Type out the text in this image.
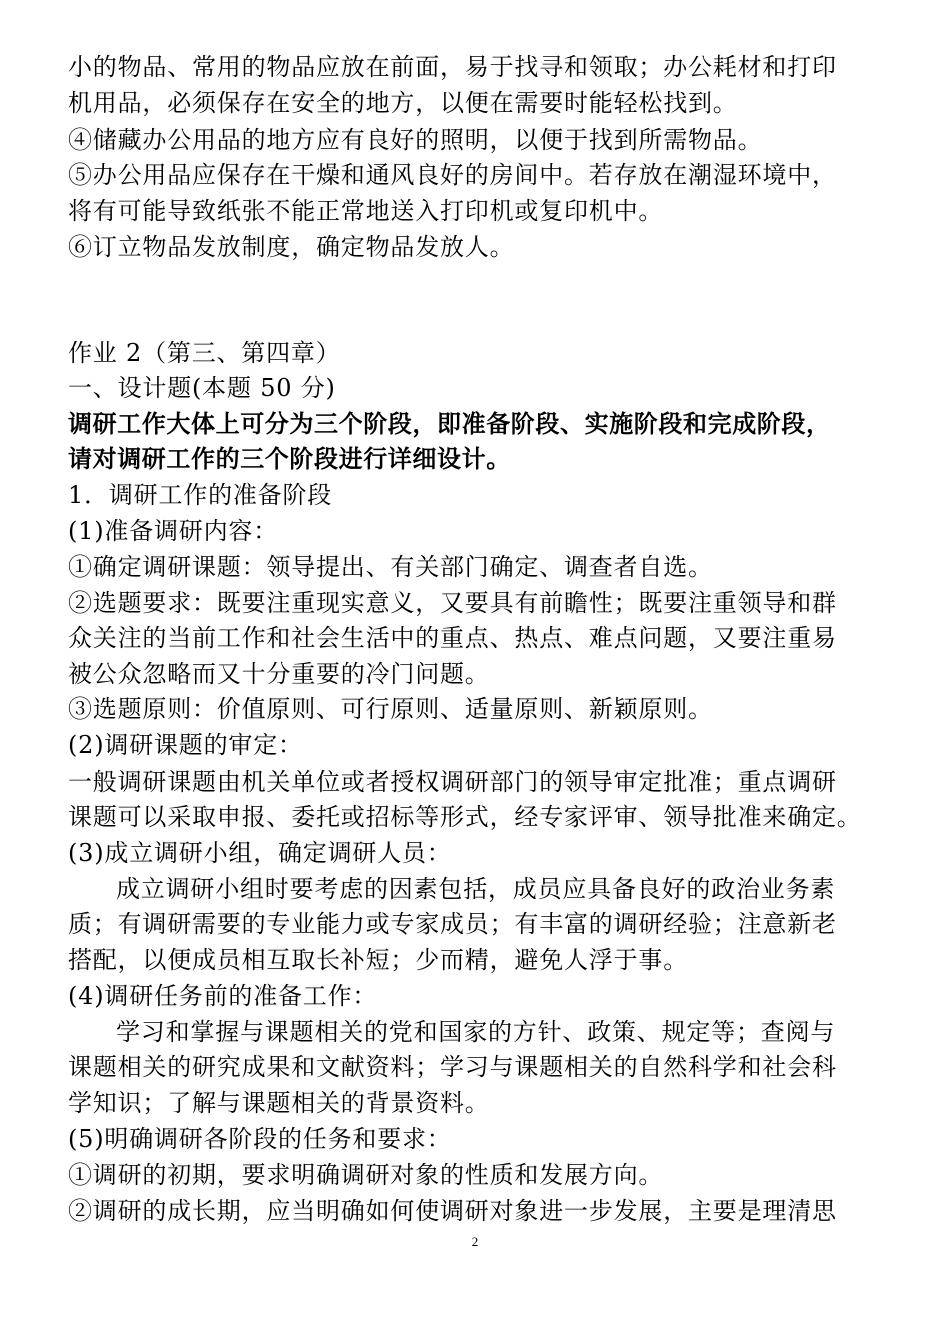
小的物品、常用的物品应放在前面，易于找寻和领取；办公耗材和打印
机用品，必须保存在安全的地方，以便在需要时能轻松找到。
④储藏办公用品的地方应有良好的照明，以便于找到所需物品。
⑤办公用品应保存在干燥和通风良好的房间中。若存放在潮湿环境中，
将有可能导致纸张不能正常地送入打印机或复印机中。
⑥订立物品发放制度，确定物品发放人。
作业 2（第三、第四章）
一、设计题(本题 50 分)
调研工作大体上可分为三个阶段，即准备阶段、实施阶段和完成阶段，
请对调研工作的三个阶段进行详细设计。
1．调研工作的准备阶段
(1)准备调研内容：
①确定调研课题：领导提出、有关部门确定、调查者自选。
②选题要求：既要注重现实意义，又要具有前瞻性；既要注重领导和群
众关注的当前工作和社会生活中的重点、热点、难点问题，又要注重易
被公众忽略而又十分重要的冷门问题。
③选题原则：价值原则、可行原则、适量原则、新颖原则。
(2)调研课题的审定：
一般调研课题由机关单位或者授权调研部门的领导审定批准；重点调研
课题可以采取申报、委托或招标等形式，经专家评审、领导批准来确定。
(3)成立调研小组，确定调研人员：
成立调研小组时要考虑的因素包括，成员应具备良好的政治业务素
质；有调研需要的专业能力或专家成员；有丰富的调研经验；注意新老
搭配，以便成员相互取长补短；少而精，避免人浮于事。
(4)调研任务前的准备工作：
学习和掌握与课题相关的党和国家的方针、政策、规定等；查阅与
课题相关的研究成果和文献资料；学习与课题相关的自然科学和社会科
学知识；了解与课题相关的背景资料。
(5)明确调研各阶段的任务和要求：
①调研的初期，要求明确调研对象的性质和发展方向。
②调研的成长期，应当明确如何使调研对象进一步发展，主要是理清思
2
